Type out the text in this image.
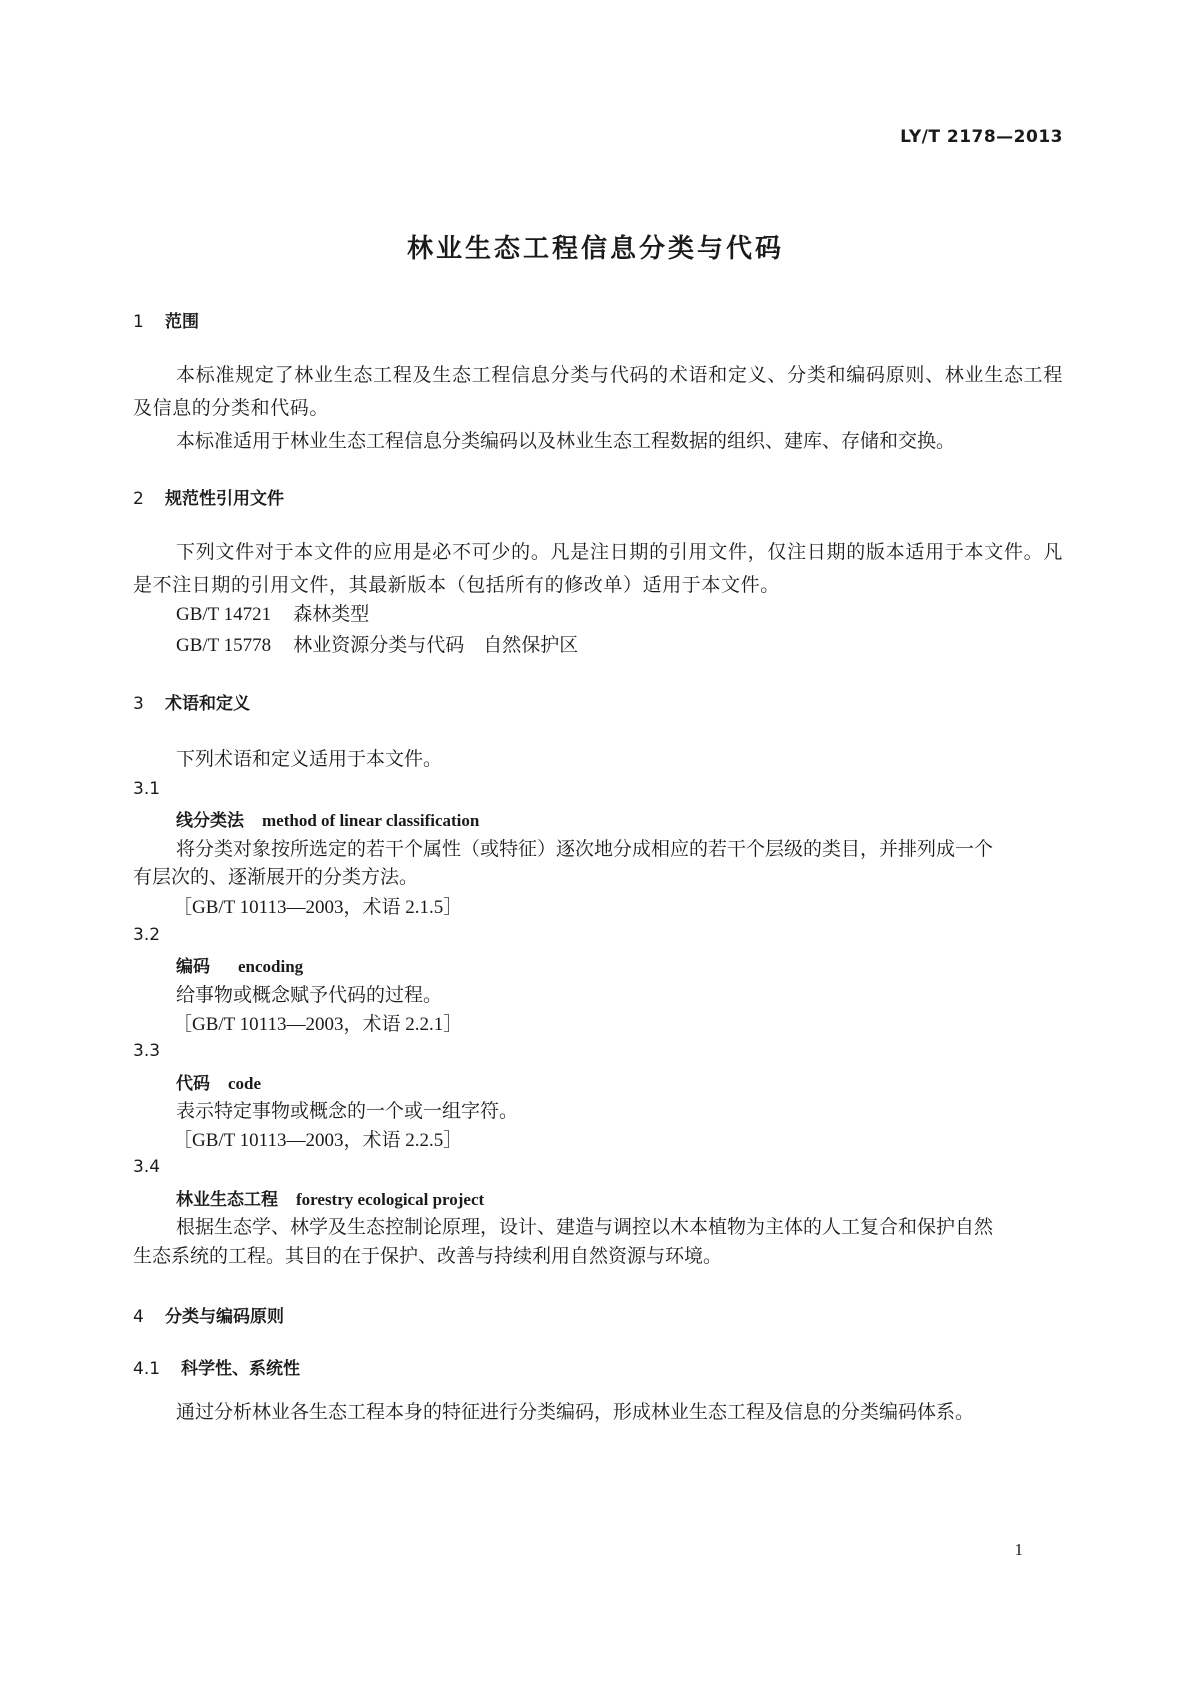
LY/T 2178—2013
林业生态工程信息分类与代码
1 范围
本标准规定了林业生态工程及生态工程信息分类与代码的术语和定义、分类和编码原则、林业生态工程及信息的分类和代码。
本标准适用于林业生态工程信息分类编码以及林业生态工程数据的组织、建库、存储和交换。
2 规范性引用文件
下列文件对于本文件的应用是必不可少的。凡是注日期的引用文件，仅注日期的版本适用于本文件。凡是不注日期的引用文件，其最新版本（包括所有的修改单）适用于本文件。
GB/T 14721 森林类型
GB/T 15778 林业资源分类与代码　自然保护区
3 术语和定义
下列术语和定义适用于本文件。
3.1
线分类法 method of linear classification
将分类对象按所选定的若干个属性（或特征）逐次地分成相应的若干个层级的类目，并排列成一个
有层次的、逐渐展开的分类方法。
［GB/T 10113—2003，术语 2.1.5］
3.2
编码 encoding
给事物或概念赋予代码的过程。
［GB/T 10113—2003，术语 2.2.1］
3.3
代码 code
表示特定事物或概念的一个或一组字符。
［GB/T 10113—2003，术语 2.2.5］
3.4
林业生态工程 forestry ecological project
根据生态学、林学及生态控制论原理，设计、建造与调控以木本植物为主体的人工复合和保护自然
生态系统的工程。其目的在于保护、改善与持续利用自然资源与环境。
4 分类与编码原则
4.1 科学性、系统性
通过分析林业各生态工程本身的特征进行分类编码，形成林业生态工程及信息的分类编码体系。
1
